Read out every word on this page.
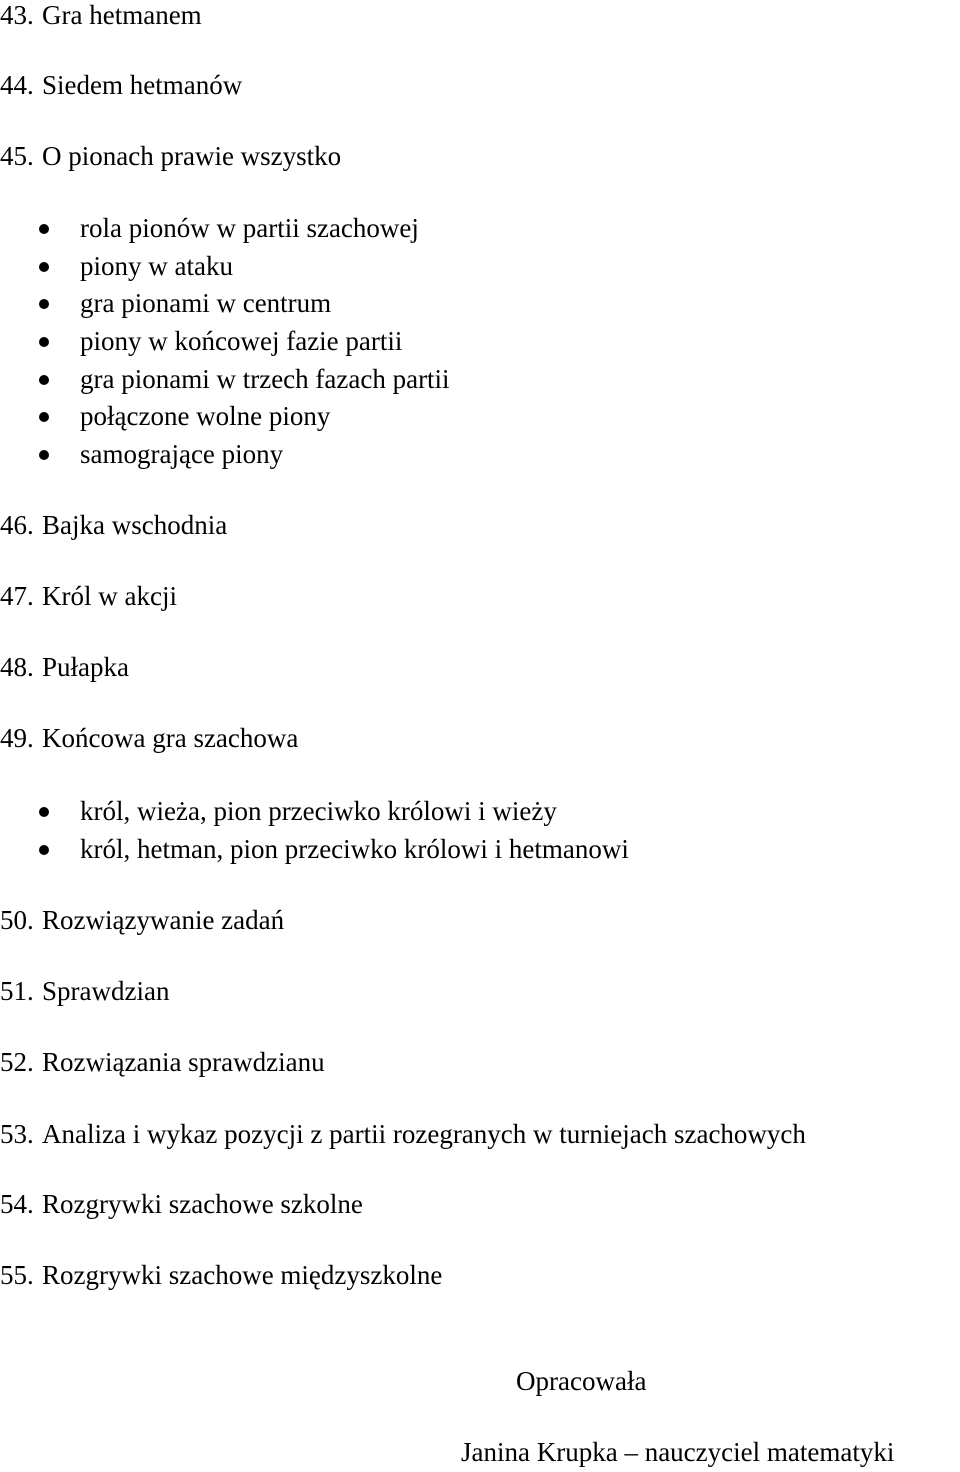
43. Gra hetmanem
44. Siedem hetmanów
45. O pionach prawie wszystko
rola pionów w partii szachowej
piony w ataku
gra pionami w centrum
piony w końcowej fazie partii
gra pionami w trzech fazach partii
połączone wolne piony
samogrające piony
46. Bajka wschodnia
47. Król w akcji
48. Pułapka
49. Końcowa gra szachowa
król, wieża, pion przeciwko królowi i wieży
król, hetman, pion przeciwko królowi i hetmanowi
50. Rozwiązywanie zadań
51. Sprawdzian
52. Rozwiązania sprawdzianu
53. Analiza i wykaz pozycji z partii rozegranych w turniejach szachowych
54. Rozgrywki szachowe szkolne
55. Rozgrywki szachowe międzyszkolne
Opracowała
Janina Krupka – nauczyciel matematyki
